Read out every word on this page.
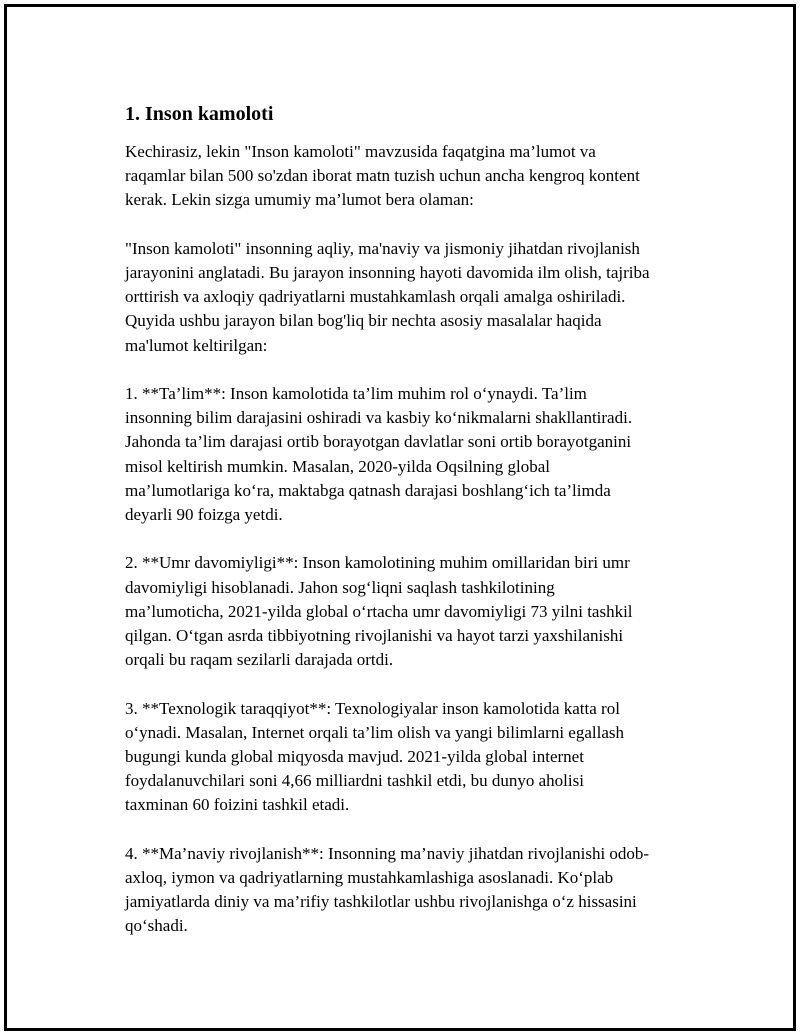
1. Inson kamoloti

Kechirasiz, lekin "Inson kamoloti" mavzusida faqatgina ma’lumot va
raqamlar bilan 500 so'zdan iborat matn tuzish uchun ancha kengroq kontent
kerak. Lekin sizga umumiy ma’lumot bera olaman:

"Inson kamoloti" insonning aqliy, ma'naviy va jismoniy jihatdan rivojlanish
jarayonini anglatadi. Bu jarayon insonning hayoti davomida ilm olish, tajriba
orttirish va axloqiy qadriyatlarni mustahkamlash orqali amalga oshiriladi.
Quyida ushbu jarayon bilan bog'liq bir nechta asosiy masalalar haqida
ma'lumot keltirilgan:

1. **Ta’lim**: Inson kamolotida ta’lim muhim rol o‘ynaydi. Ta’lim
insonning bilim darajasini oshiradi va kasbiy ko‘nikmalarni shakllantiradi.
Jahonda ta’lim darajasi ortib borayotgan davlatlar soni ortib borayotganini
misol keltirish mumkin. Masalan, 2020-yilda Oqsilning global
ma’lumotlariga ko‘ra, maktabga qatnash darajasi boshlang‘ich ta’limda
deyarli 90 foizga yetdi.

2. **Umr davomiyligi**: Inson kamolotining muhim omillaridan biri umr
davomiyligi hisoblanadi. Jahon sog‘liqni saqlash tashkilotining
ma’lumoticha, 2021-yilda global o‘rtacha umr davomiyligi 73 yilni tashkil
qilgan. O‘tgan asrda tibbiyotning rivojlanishi va hayot tarzi yaxshilanishi
orqali bu raqam sezilarli darajada ortdi.

3. **Texnologik taraqqiyot**: Texnologiyalar inson kamolotida katta rol
o‘ynadi. Masalan, Internet orqali ta’lim olish va yangi bilimlarni egallash
bugungi kunda global miqyosda mavjud. 2021-yilda global internet
foydalanuvchilari soni 4,66 milliardni tashkil etdi, bu dunyo aholisi
taxminan 60 foizini tashkil etadi.

4. **Ma’naviy rivojlanish**: Insonning ma’naviy jihatdan rivojlanishi odob-
axloq, iymon va qadriyatlarning mustahkamlashiga asoslanadi. Ko‘plab
jamiyatlarda diniy va ma’rifiy tashkilotlar ushbu rivojlanishga o‘z hissasini
qo‘shadi.
